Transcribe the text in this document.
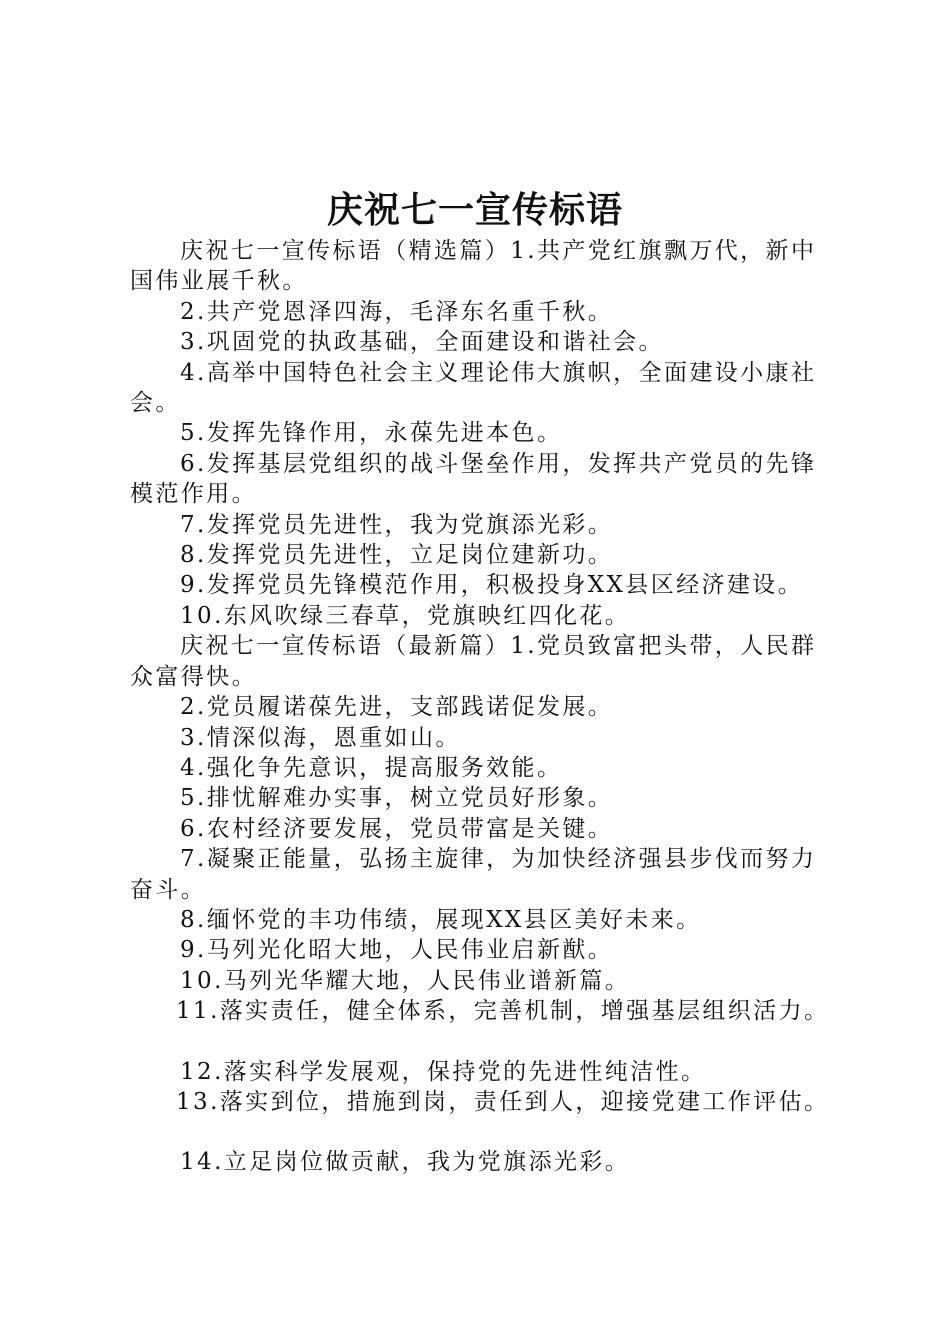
庆祝七一宣传标语

庆祝七一宣传标语（精选篇）1.共产党红旗飘万代，新中国伟业展千秋。

2.共产党恩泽四海，毛泽东名重千秋。

3.巩固党的执政基础，全面建设和谐社会。

4.高举中国特色社会主义理论伟大旗帜，全面建设小康社会。

5.发挥先锋作用，永葆先进本色。

6.发挥基层党组织的战斗堡垒作用，发挥共产党员的先锋模范作用。

7.发挥党员先进性，我为党旗添光彩。

8.发挥党员先进性，立足岗位建新功。

9.发挥党员先锋模范作用，积极投身XX县区经济建设。

10.东风吹绿三春草，党旗映红四化花。

庆祝七一宣传标语（最新篇）1.党员致富把头带，人民群众富得快。

2.党员履诺葆先进，支部践诺促发展。

3.情深似海，恩重如山。

4.强化争先意识，提高服务效能。

5.排忧解难办实事，树立党员好形象。

6.农村经济要发展，党员带富是关键。

7.凝聚正能量，弘扬主旋律，为加快经济强县步伐而努力奋斗。

8.缅怀党的丰功伟绩，展现XX县区美好未来。

9.马列光化昭大地，人民伟业启新猷。

10.马列光华耀大地，人民伟业谱新篇。

11.落实责任，健全体系，完善机制，增强基层组织活力。

12.落实科学发展观，保持党的先进性纯洁性。

13.落实到位，措施到岗，责任到人，迎接党建工作评估。

14.立足岗位做贡献，我为党旗添光彩。
